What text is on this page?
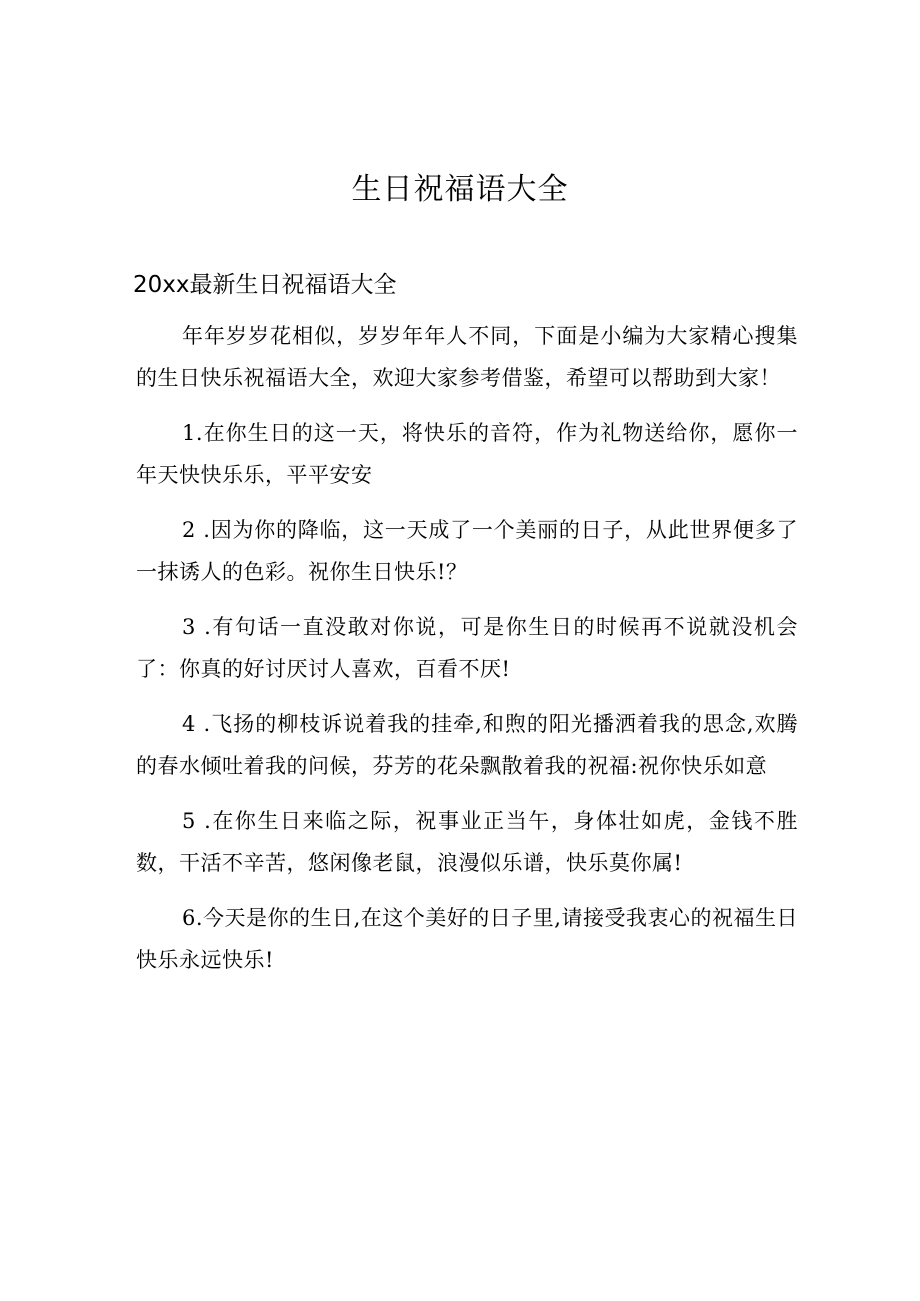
生日祝福语大全
20xx最新生日祝福语大全

年年岁岁花相似，岁岁年年人不同，下面是小编为大家精心搜集的生日快乐祝福语大全，欢迎大家参考借鉴，希望可以帮助到大家！

1.在你生日的这一天，将快乐的音符，作为礼物送给你，愿你一年天快快乐乐，平平安安

2 .因为你的降临，这一天成了一个美丽的日子，从此世界便多了一抹诱人的色彩。祝你生日快乐!？

3 .有句话一直没敢对你说，可是你生日的时候再不说就没机会了：你真的好讨厌讨人喜欢，百看不厌!

4 .飞扬的柳枝诉说着我的挂牵,和煦的阳光播洒着我的思念,欢腾的春水倾吐着我的问候，芬芳的花朵飘散着我的祝福:祝你快乐如意

5 .在你生日来临之际，祝事业正当午，身体壮如虎，金钱不胜数，干活不辛苦，悠闲像老鼠，浪漫似乐谱，快乐莫你属!

6.今天是你的生日,在这个美好的日子里,请接受我衷心的祝福生日快乐永远快乐!
